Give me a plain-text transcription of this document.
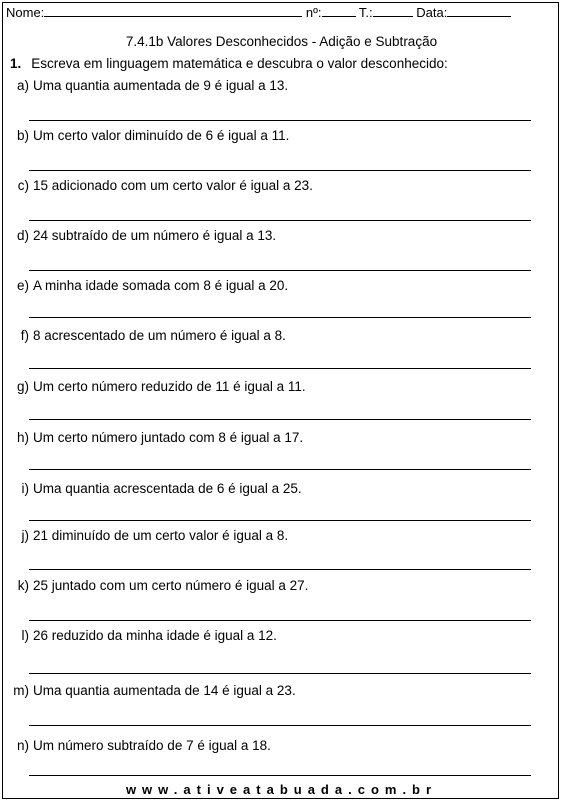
Nome:	nº:	T.:	Data:
7.4.1b Valores Desconhecidos - Adição e Subtração
1. Escreva em linguagem matemática e descubra o valor desconhecido:
a) Uma quantia aumentada de 9 é igual a 13.
b) Um certo valor diminuído de 6 é igual a 11.
c) 15 adicionado com um certo valor é igual a 23.
d) 24 subtraído de um número é igual a 13.
e) A minha idade somada com 8 é igual a 20.
f) 8 acrescentado de um número é igual a 8.
g) Um certo número reduzido de 11 é igual a 11.
h) Um certo número juntado com 8 é igual a 17.
i) Uma quantia acrescentada de 6 é igual a 25.
j) 21 diminuído de um certo valor é igual a 8.
k) 25 juntado com um certo número é igual a 27.
l) 26 reduzido da minha idade é igual a 12.
m) Uma quantia aumentada de 14 é igual a 23.
n) Um número subtraído de 7 é igual a 18.
www.ativeatabuada.com.br
